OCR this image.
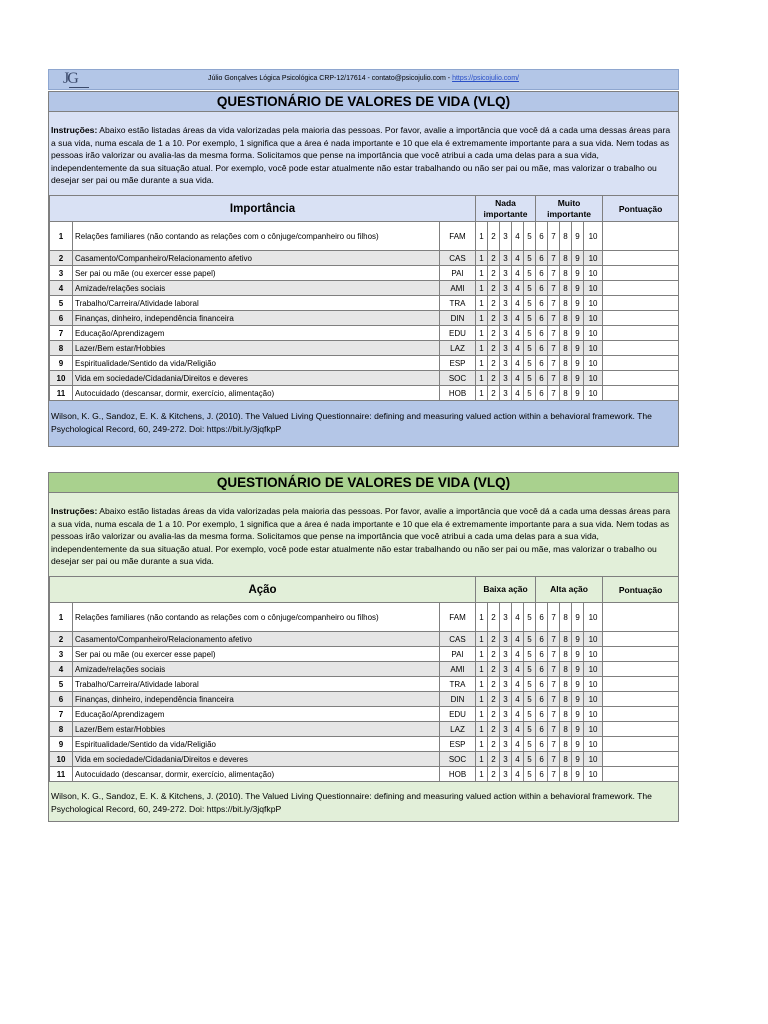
JG	Júlio Gonçalves Lógica Psicológica CRP-12/17614 - contato@psicojulio.com - https://psicojulio.com/
QUESTIONÁRIO DE VALORES DE VIDA (VLQ)
Instruções: Abaixo estão listadas áreas da vida valorizadas pela maioria das pessoas. Por favor, avalie a importância que você dá a cada uma dessas áreas para a sua vida, numa escala de 1 a 10. Por exemplo, 1 significa que a área é nada importante e 10 que ela é extremamente importante para a sua vida. Nem todas as pessoas irão valorizar ou avalia-las da mesma forma. Solicitamos que pense na importância que você atribui a cada uma delas para a sua vida, independentemente da sua situação atual. Por exemplo, você pode estar atualmente não estar trabalhando ou não ser pai ou mãe, mas valorizar o trabalho ou desejar ser pai ou mãe durante a sua vida.
Importância			Nada importante					Muito importante					Pontuação
1	Relações familiares (não contando as relações com o cônjuge/companheiro ou filhos)	FAM	1	2	3	4	5	6	7	8	9	10	
2	Casamento/Companheiro/Relacionamento afetivo	CAS	1	2	3	4	5	6	7	8	9	10	
3	Ser pai ou mãe (ou exercer esse papel)	PAI	1	2	3	4	5	6	7	8	9	10	
4	Amizade/relações sociais	AMI	1	2	3	4	5	6	7	8	9	10	
5	Trabalho/Carreira/Atividade laboral	TRA	1	2	3	4	5	6	7	8	9	10	
6	Finanças, dinheiro, independência financeira	DIN	1	2	3	4	5	6	7	8	9	10	
7	Educação/Aprendizagem	EDU	1	2	3	4	5	6	7	8	9	10	
8	Lazer/Bem estar/Hobbies	LAZ	1	2	3	4	5	6	7	8	9	10	
9	Espiritualidade/Sentido da vida/Religião	ESP	1	2	3	4	5	6	7	8	9	10	
10	Vida em sociedade/Cidadania/Direitos e deveres	SOC	1	2	3	4	5	6	7	8	9	10	
11	Autocuidado (descansar, dormir, exercício, alimentação)	HOB	1	2	3	4	5	6	7	8	9	10	
Wilson, K. G., Sandoz, E. K. & Kitchens, J. (2010). The Valued Living Questionnaire: defining and measuring valued action within a behavioral framework. The Psychological Record, 60, 249-272. Doi: https://bit.ly/3jqfkpP
QUESTIONÁRIO DE VALORES DE VIDA (VLQ)
Instruções: Abaixo estão listadas áreas da vida valorizadas pela maioria das pessoas. Por favor, avalie a importância que você dá a cada uma dessas áreas para a sua vida, numa escala de 1 a 10. Por exemplo, 1 significa que a área é nada importante e 10 que ela é extremamente importante para a sua vida. Nem todas as pessoas irão valorizar ou avalia-las da mesma forma. Solicitamos que pense na importância que você atribui a cada uma delas para a sua vida, independentemente da sua situação atual. Por exemplo, você pode estar atualmente não estar trabalhando ou não ser pai ou mãe, mas valorizar o trabalho ou desejar ser pai ou mãe durante a sua vida.
Ação			Baixa ação					Alta ação					Pontuação
1	Relações familiares (não contando as relações com o cônjuge/companheiro ou filhos)	FAM	1	2	3	4	5	6	7	8	9	10	
2	Casamento/Companheiro/Relacionamento afetivo	CAS	1	2	3	4	5	6	7	8	9	10	
3	Ser pai ou mãe (ou exercer esse papel)	PAI	1	2	3	4	5	6	7	8	9	10	
4	Amizade/relações sociais	AMI	1	2	3	4	5	6	7	8	9	10	
5	Trabalho/Carreira/Atividade laboral	TRA	1	2	3	4	5	6	7	8	9	10	
6	Finanças, dinheiro, independência financeira	DIN	1	2	3	4	5	6	7	8	9	10	
7	Educação/Aprendizagem	EDU	1	2	3	4	5	6	7	8	9	10	
8	Lazer/Bem estar/Hobbies	LAZ	1	2	3	4	5	6	7	8	9	10	
9	Espiritualidade/Sentido da vida/Religião	ESP	1	2	3	4	5	6	7	8	9	10	
10	Vida em sociedade/Cidadania/Direitos e deveres	SOC	1	2	3	4	5	6	7	8	9	10	
11	Autocuidado (descansar, dormir, exercício, alimentação)	HOB	1	2	3	4	5	6	7	8	9	10	
Wilson, K. G., Sandoz, E. K. & Kitchens, J. (2010). The Valued Living Questionnaire: defining and measuring valued action within a behavioral framework. The Psychological Record, 60, 249-272. Doi: https://bit.ly/3jqfkpP
